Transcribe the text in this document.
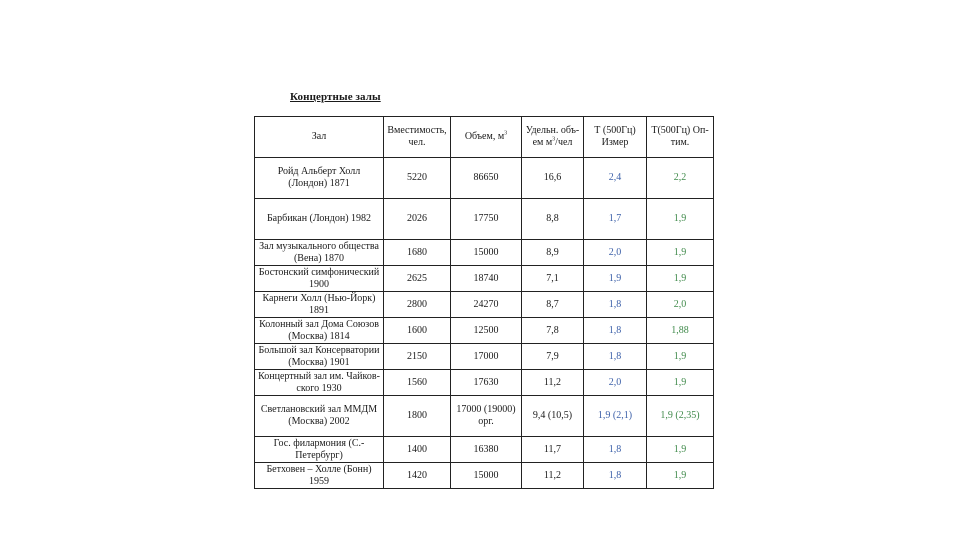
Концертные залы
Зал	Вместимость, чел.	Объем, $м^3$	Удельн. объ-ем $м^3$/чел	Т (500Гц) Измер	Т(500Гц) Оп-тим.
Ройд Альберт Холл (Лондон) 1871	5220	86650	16,6	2,4	2,2
Барбикан (Лондон) 1982	2026	17750	8,8	1,7	1,9
Зал музыкального общества (Вена) 1870	1680	15000	8,9	2,0	1,9
Бостонский симфонический 1900	2625	18740	7,1	1,9	1,9
Карнеги Холл (Нью-Йорк) 1891	2800	24270	8,7	1,8	2,0
Колонный зал Дома Союзов (Москва) 1814	1600	12500	7,8	1,8	1,88
Большой зал Консерватории (Москва) 1901	2150	17000	7,9	1,8	1,9
Концертный зал им. Чайков-ского 1930	1560	17630	11,2	2,0	1,9
Светлановский зал ММДМ (Москва) 2002	1800	17000 (19000) орг.	9,4 (10,5)	1,9 (2,1)	1,9 (2,35)
Гос. филармония (С.-Петербург)	1400	16380	11,7	1,8	1,9
Бетховен – Холле (Бонн) 1959	1420	15000	11,2	1,8	1,9
